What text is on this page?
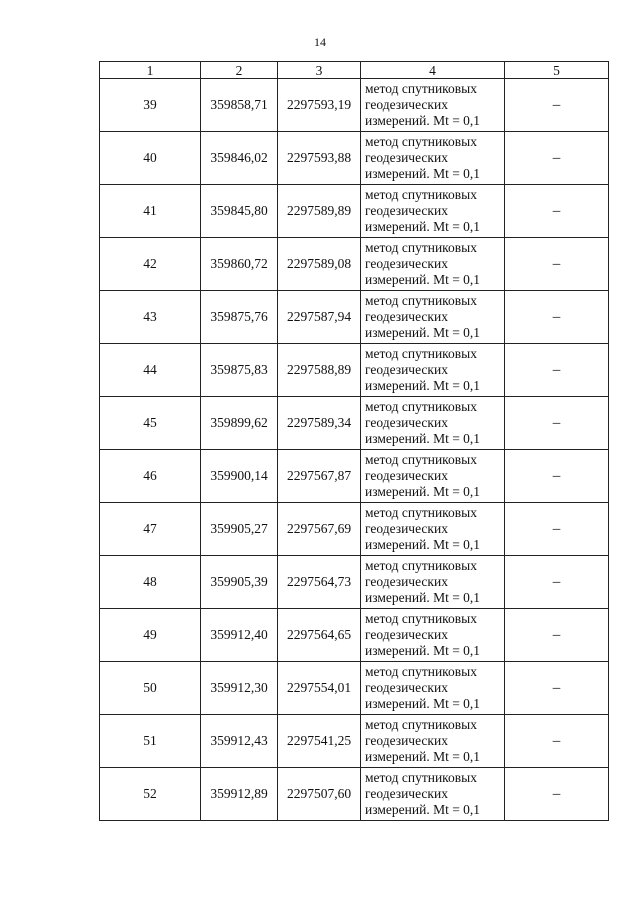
14
1	2	3	4	5
39	359858,71	2297593,19	метод спутниковых
геодезических
измерений. Mt = 0,1	–
40	359846,02	2297593,88	метод спутниковых
геодезических
измерений. Mt = 0,1	–
41	359845,80	2297589,89	метод спутниковых
геодезических
измерений. Mt = 0,1	–
42	359860,72	2297589,08	метод спутниковых
геодезических
измерений. Mt = 0,1	–
43	359875,76	2297587,94	метод спутниковых
геодезических
измерений. Mt = 0,1	–
44	359875,83	2297588,89	метод спутниковых
геодезических
измерений. Mt = 0,1	–
45	359899,62	2297589,34	метод спутниковых
геодезических
измерений. Mt = 0,1	–
46	359900,14	2297567,87	метод спутниковых
геодезических
измерений. Mt = 0,1	–
47	359905,27	2297567,69	метод спутниковых
геодезических
измерений. Mt = 0,1	–
48	359905,39	2297564,73	метод спутниковых
геодезических
измерений. Mt = 0,1	–
49	359912,40	2297564,65	метод спутниковых
геодезических
измерений. Mt = 0,1	–
50	359912,30	2297554,01	метод спутниковых
геодезических
измерений. Mt = 0,1	–
51	359912,43	2297541,25	метод спутниковых
геодезических
измерений. Mt = 0,1	–
52	359912,89	2297507,60	метод спутниковых
геодезических
измерений. Mt = 0,1	–
